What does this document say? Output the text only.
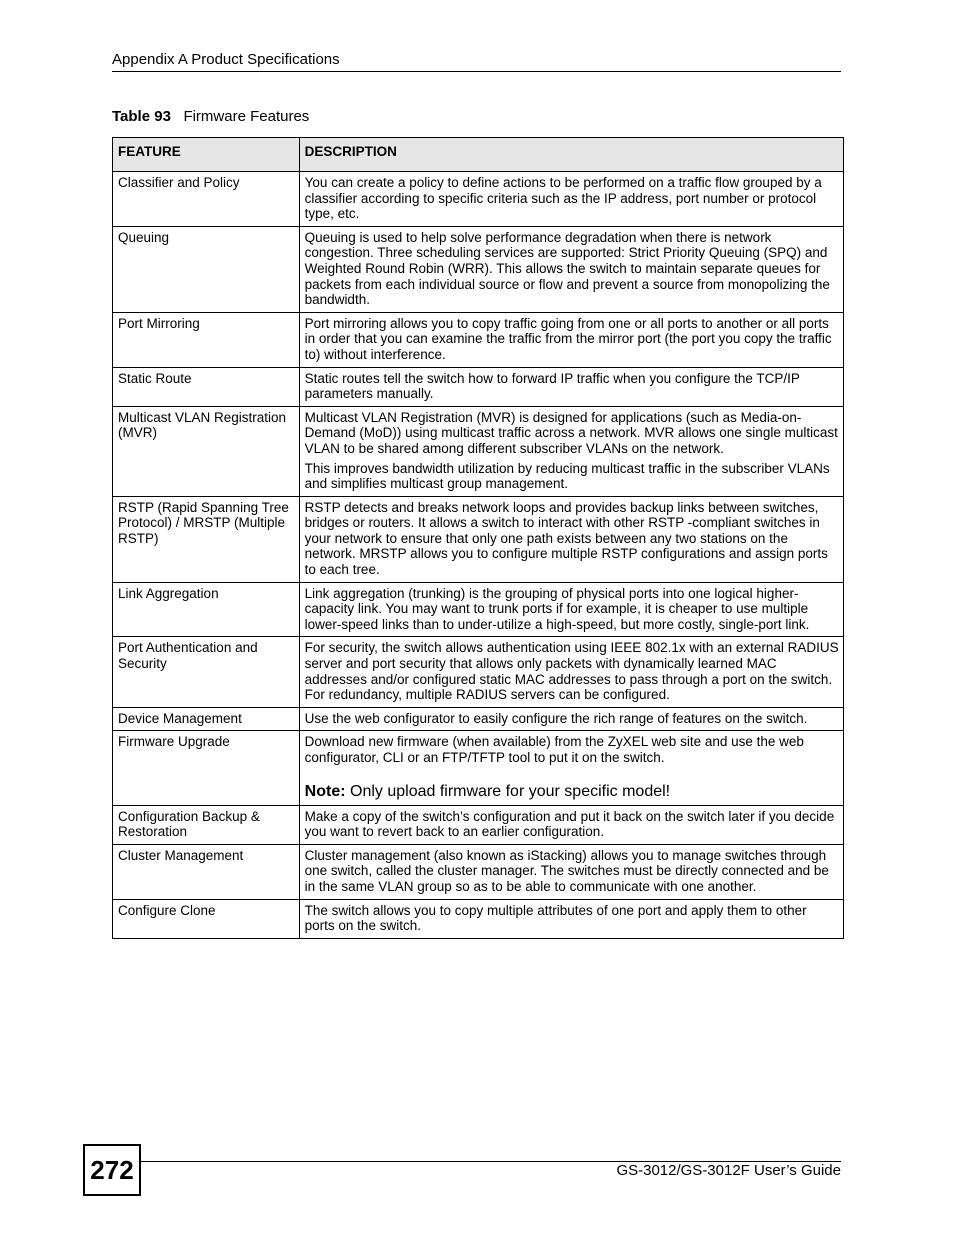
Appendix A Product Specifications
Table 93 Firmware Features
FEATURE	DESCRIPTION
Classifier and Policy	You can create a policy to define actions to be performed on a traffic flow grouped by a classifier according to specific criteria such as the IP address, port number or protocol type, etc.

Queuing	Queuing is used to help solve performance degradation when there is network congestion. Three scheduling services are supported: Strict Priority Queuing (SPQ) and Weighted Round Robin (WRR). This allows the switch to maintain separate queues for packets from each individual source or flow and prevent a source from monopolizing the bandwidth.

Port Mirroring	Port mirroring allows you to copy traffic going from one or all ports to another or all ports in order that you can examine the traffic from the mirror port (the port you copy the traffic to) without interference.

Static Route	Static routes tell the switch how to forward IP traffic when you configure the TCP/IP parameters manually.

Multicast VLAN Registration (MVR)	Multicast VLAN Registration (MVR) is designed for applications (such as Media-on-Demand (MoD)) using multicast traffic across a network. MVR allows one single multicast VLAN to be shared among different subscriber VLANs on the network.
This improves bandwidth utilization by reducing multicast traffic in the subscriber VLANs and simplifies multicast group management.

RSTP (Rapid Spanning Tree Protocol) / MRSTP (Multiple RSTP)	RSTP detects and breaks network loops and provides backup links between switches, bridges or routers. It allows a switch to interact with other RSTP -compliant switches in your network to ensure that only one path exists between any two stations on the network. MRSTP allows you to configure multiple RSTP configurations and assign ports to each tree.

Link Aggregation	Link aggregation (trunking) is the grouping of physical ports into one logical higher-capacity link. You may want to trunk ports if for example, it is cheaper to use multiple lower-speed links than to under-utilize a high-speed, but more costly, single-port link.

Port Authentication and Security	For security, the switch allows authentication using IEEE 802.1x with an external RADIUS server and port security that allows only packets with dynamically learned MAC addresses and/or configured static MAC addresses to pass through a port on the switch. For redundancy, multiple RADIUS servers can be configured.

Device Management	Use the web configurator to easily configure the rich range of features on the switch.

Firmware Upgrade	Download new firmware (when available) from the ZyXEL web site and use the web configurator, CLI or an FTP/TFTP tool to put it on the switch.
Note: Only upload firmware for your specific model!

Configuration Backup & Restoration	Make a copy of the switch’s configuration and put it back on the switch later if you decide you want to revert back to an earlier configuration.

Cluster Management	Cluster management (also known as iStacking) allows you to manage switches through one switch, called the cluster manager. The switches must be directly connected and be in the same VLAN group so as to be able to communicate with one another.

Configure Clone	The switch allows you to copy multiple attributes of one port and apply them to other ports on the switch.
272	GS-3012/GS-3012F User’s Guide
